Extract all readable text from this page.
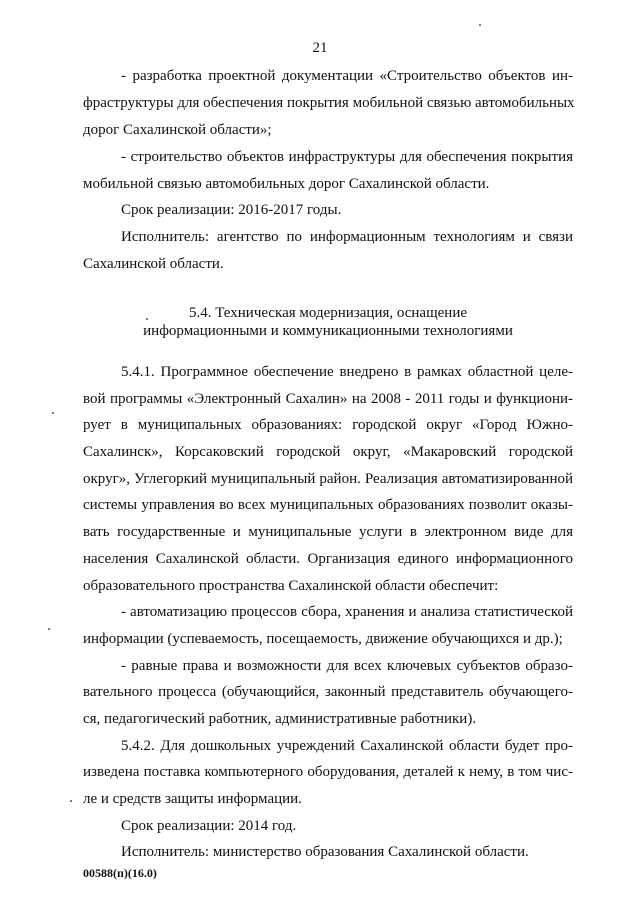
21
- разработка проектной документации «Строительство объектов ин-
фраструктуры для обеспечения покрытия мобильной связью автомобильных
дорог Сахалинской области»;
- строительство объектов инфраструктуры для обеспечения покрытия
мобильной связью автомобильных дорог Сахалинской области.
Срок реализации: 2016-2017 годы.
Исполнитель: агентство по информационным технологиям и связи
Сахалинской области.
5.4. Техническая модернизация, оснащение
информационными и коммуникационными технологиями
5.4.1. Программное обеспечение внедрено в рамках областной целе-
вой программы «Электронный Сахалин» на 2008 - 2011 годы и функциони-
рует в муниципальных образованиях: городской округ «Город Южно-
Сахалинск», Корсаковский городской округ, «Макаровский городской
округ», Углегоркий муниципальный район. Реализация автоматизированной
системы управления во всех муниципальных образованиях позволит оказы-
вать государственные и муниципальные услуги в электронном виде для
населения Сахалинской области. Организация единого информационного
образовательного пространства Сахалинской области обеспечит:
- автоматизацию процессов сбора, хранения и анализа статистической
информации (успеваемость, посещаемость, движение обучающихся и др.);
- равные права и возможности для всех ключевых субъектов образо-
вательного процесса (обучающийся, законный представитель обучающего-
ся, педагогический работник, административные работники).
5.4.2. Для дошкольных учреждений Сахалинской области будет про-
изведена поставка компьютерного оборудования, деталей к нему, в том чис-
ле и средств защиты информации.
Срок реализации: 2014 год.
Исполнитель: министерство образования Сахалинской области.
00588(п)(16.0)
